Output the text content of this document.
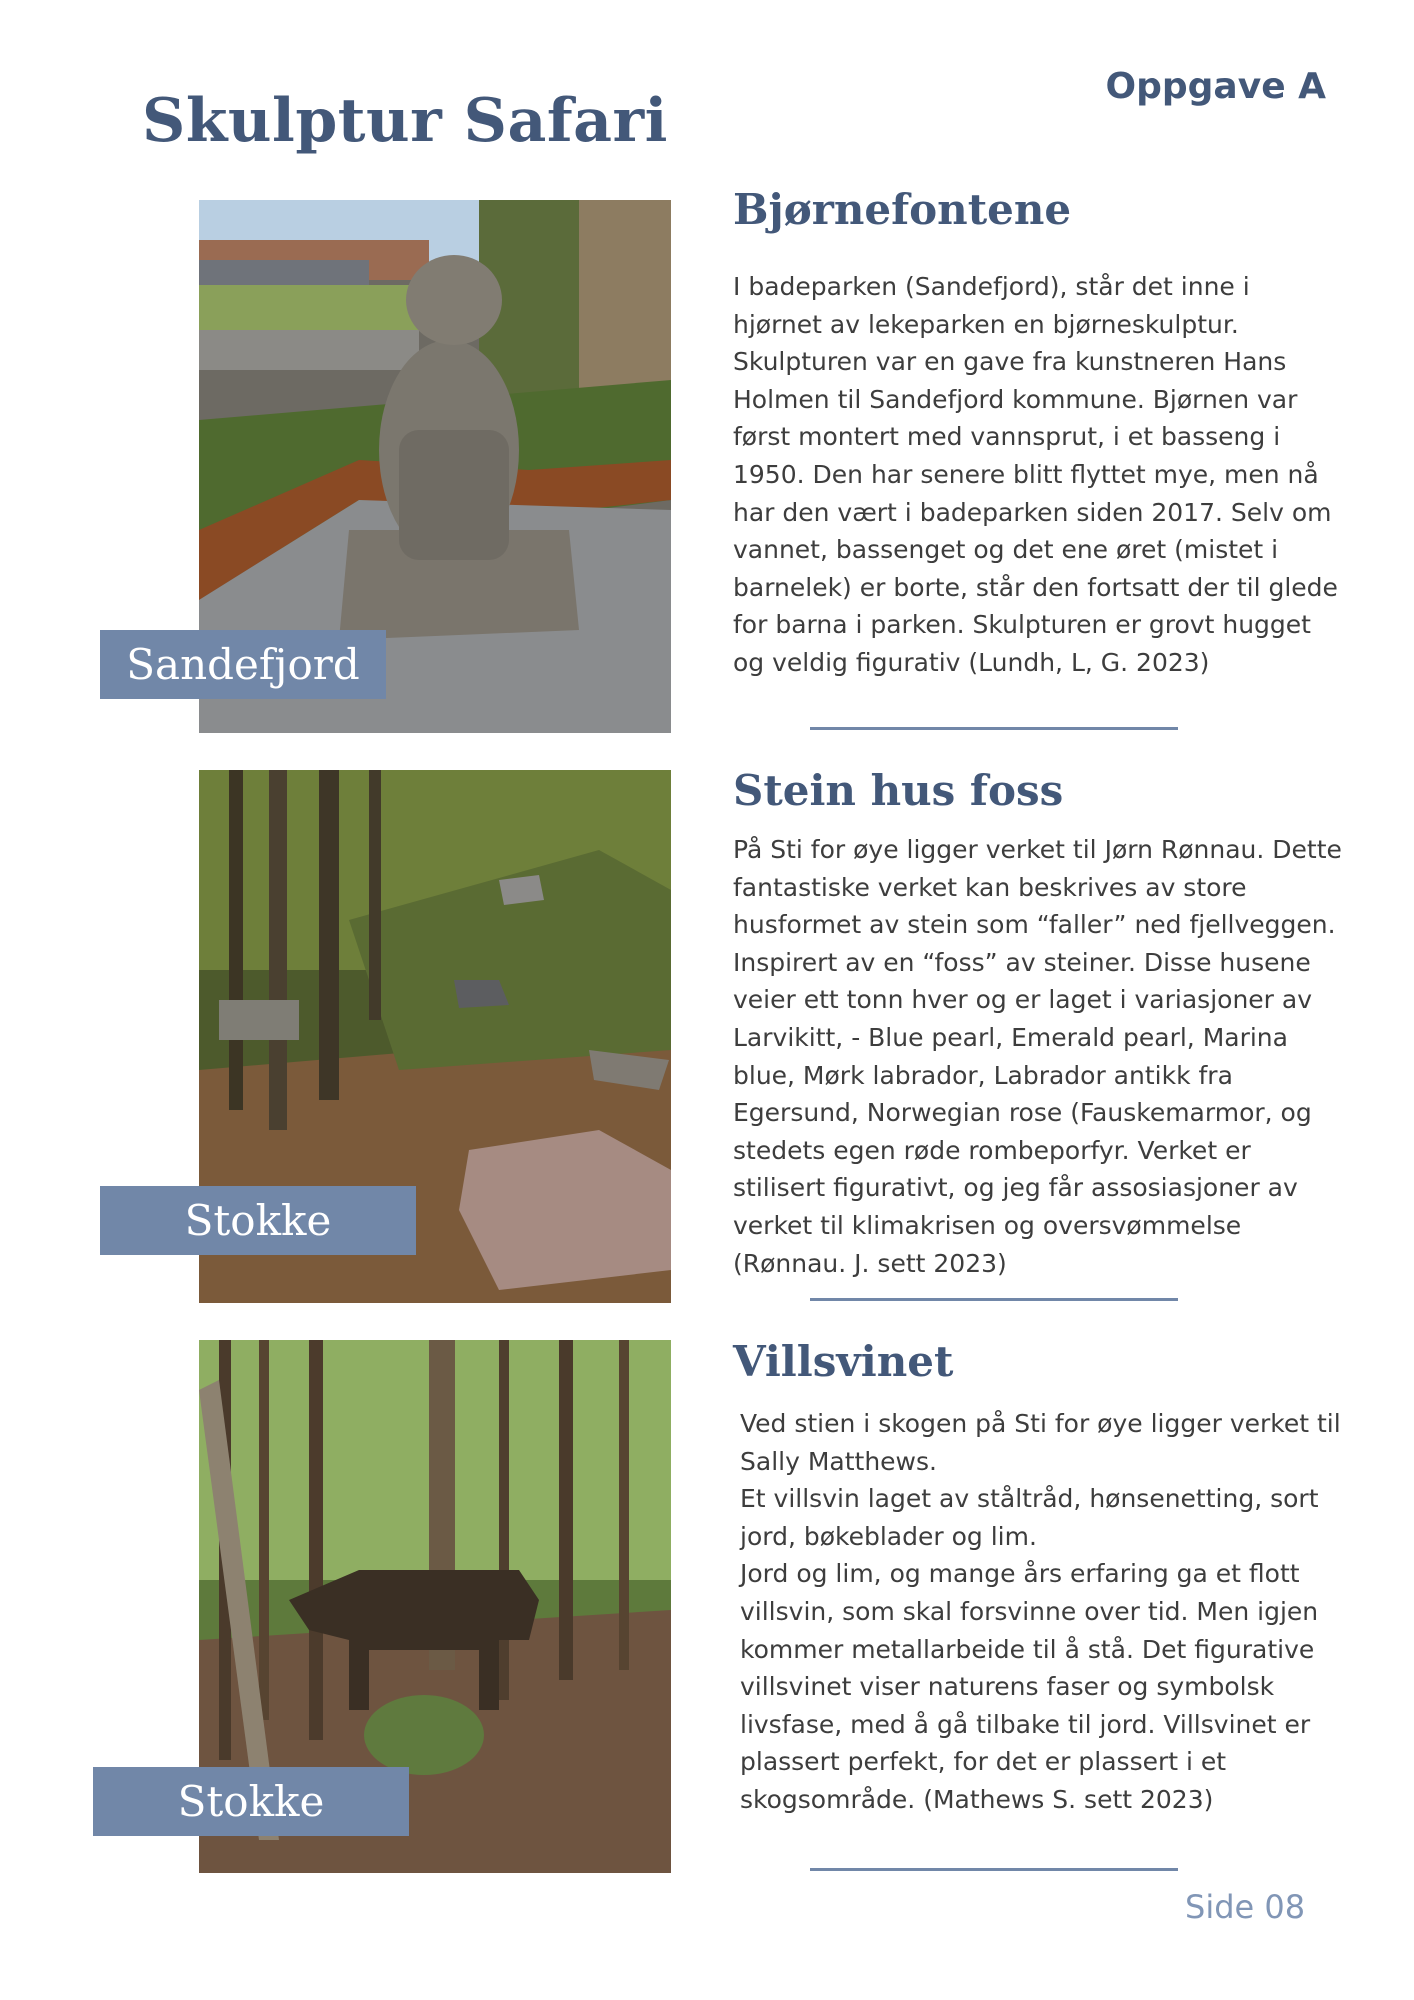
Skulptur Safari	Oppgave A
Sandefjord
Bjørnefontene

I badeparken (Sandefjord), står det inne i hjørnet av lekeparken en bjørneskulptur. Skulpturen var en gave fra kunstneren Hans Holmen til Sandefjord kommune. Bjørnen var først montert med vannsprut, i et basseng i 1950. Den har senere blitt flyttet mye, men nå har den vært i badeparken siden 2017. Selv om vannet, bassenget og det ene øret (mistet i barnelek) er borte, står den fortsatt der til glede for barna i parken. Skulpturen er grovt hugget og veldig figurativ (Lundh, L, G. 2023)

Stokke
Stein hus foss

På Sti for øye ligger verket til Jørn Rønnau. Dette fantastiske verket kan beskrives av store husformet av stein som “faller” ned fjellveggen. Inspirert av en “foss” av steiner. Disse husene veier ett tonn hver og er laget i variasjoner av Larvikitt, - Blue pearl, Emerald pearl, Marina blue, Mørk labrador, Labrador antikk fra Egersund, Norwegian rose (Fauskemarmor, og stedets egen røde rombeporfyr. Verket er stilisert figurativt, og jeg får assosiasjoner av verket til klimakrisen og oversvømmelse (Rønnau. J. sett 2023)

Stokke
Villsvinet

Ved stien i skogen på Sti for øye ligger verket til Sally Matthews.
Et villsvin laget av ståltråd, hønsenetting, sort jord, bøkeblader og lim.
Jord og lim, og mange års erfaring ga et flott villsvin, som skal forsvinne over tid. Men igjen kommer metallarbeide til å stå. Det figurative villsvinet viser naturens faser og symbolsk livsfase, med å gå tilbake til jord. Villsvinet er plassert perfekt, for det er plassert i et skogsområde. (Mathews S. sett 2023)

Side 08
